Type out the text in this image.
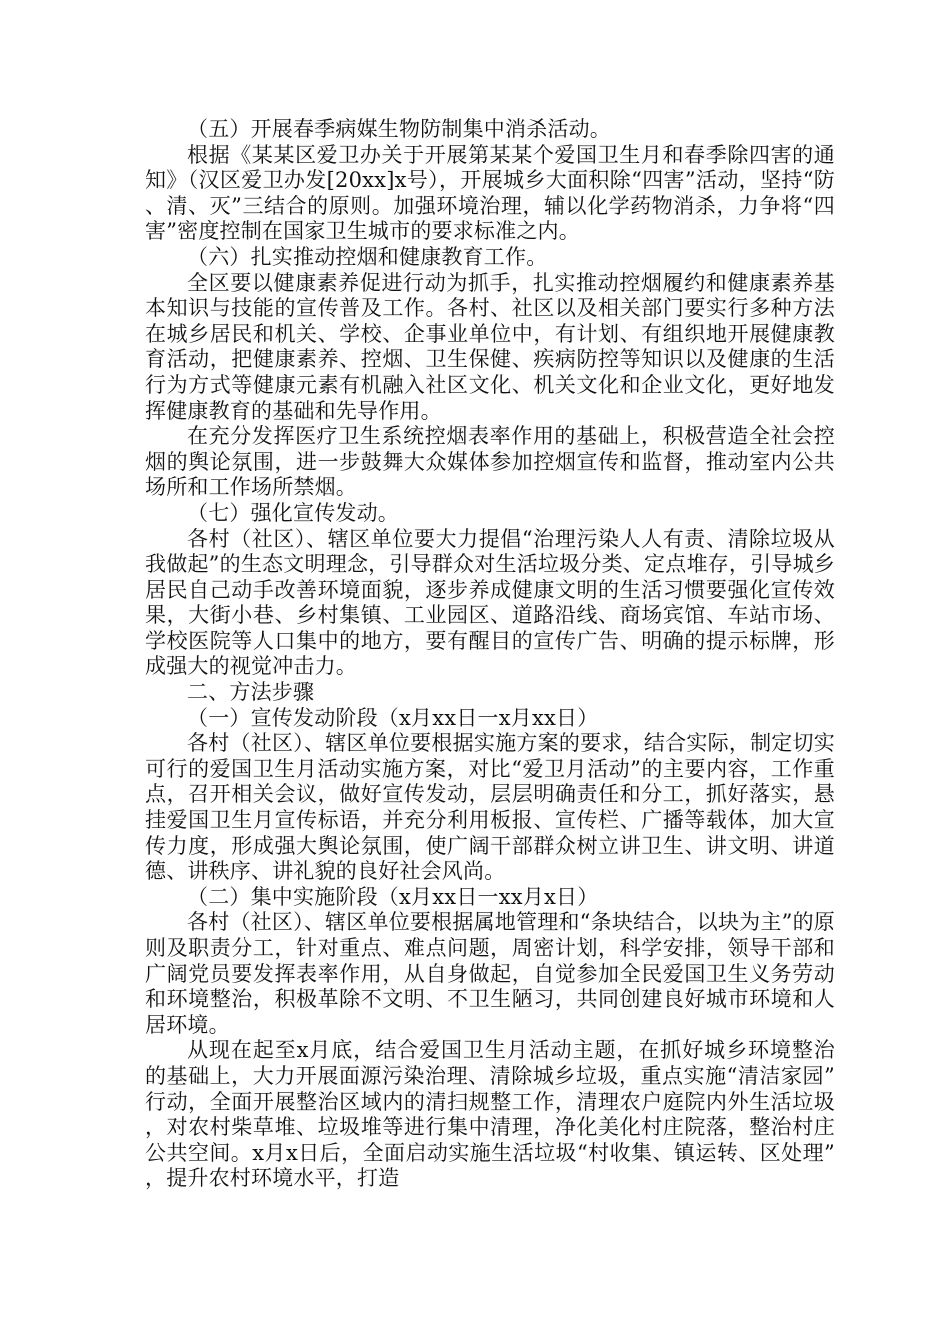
（五）开展春季病媒生物防制集中消杀活动。

根据《某某区爱卫办关于开展第某某个爱国卫生月和春季除四害的通知》（汉区爱卫办发[20xx]x号），开展城乡大面积除“四害”活动，坚持“防、清、灭”三结合的原则。加强环境治理，辅以化学药物消杀，力争将“四害”密度控制在国家卫生城市的要求标准之内。

（六）扎实推动控烟和健康教育工作。

全区要以健康素养促进行动为抓手，扎实推动控烟履约和健康素养基本知识与技能的宣传普及工作。各村、社区以及相关部门要实行多种方法在城乡居民和机关、学校、企事业单位中，有计划、有组织地开展健康教育活动，把健康素养、控烟、卫生保健、疾病防控等知识以及健康的生活行为方式等健康元素有机融入社区文化、机关文化和企业文化，更好地发挥健康教育的基础和先导作用。

在充分发挥医疗卫生系统控烟表率作用的基础上，积极营造全社会控烟的舆论氛围，进一步鼓舞大众媒体参加控烟宣传和监督，推动室内公共场所和工作场所禁烟。

（七）强化宣传发动。

各村（社区）、辖区单位要大力提倡“治理污染人人有责、清除垃圾从我做起”的生态文明理念，引导群众对生活垃圾分类、定点堆存，引导城乡居民自己动手改善环境面貌，逐步养成健康文明的生活习惯要强化宣传效果，大街小巷、乡村集镇、工业园区、道路沿线、商场宾馆、车站市场、学校医院等人口集中的地方，要有醒目的宣传广告、明确的提示标牌，形成强大的视觉冲击力。

二、方法步骤

（一）宣传发动阶段（x月xx日一x月xx日）

各村（社区）、辖区单位要根据实施方案的要求，结合实际，制定切实可行的爱国卫生月活动实施方案，对比“爱卫月活动”的主要内容，工作重点，召开相关会议，做好宣传发动，层层明确责任和分工，抓好落实，悬挂爱国卫生月宣传标语，并充分利用板报、宣传栏、广播等载体，加大宣传力度，形成强大舆论氛围，使广阔干部群众树立讲卫生、讲文明、讲道德、讲秩序、讲礼貌的良好社会风尚。

（二）集中实施阶段（x月xx日一xx月x日）

各村（社区）、辖区单位要根据属地管理和“条块结合，以块为主”的原则及职责分工，针对重点、难点问题，周密计划，科学安排，领导干部和广阔党员要发挥表率作用，从自身做起，自觉参加全民爱国卫生义务劳动和环境整治，积极革除不文明、不卫生陋习，共同创建良好城市环境和人居环境。

从现在起至x月底，结合爱国卫生月活动主题，在抓好城乡环境整治的基础上，大力开展面源污染治理、清除城乡垃圾，重点实施“清洁家园”行动，全面开展整治区域内的清扫规整工作，清理农户庭院内外生活垃圾，对农村柴草堆、垃圾堆等进行集中清理，净化美化村庄院落，整治村庄公共空间。x月x日后，全面启动实施生活垃圾“村收集、镇运转、区处理”，提升农村环境水平，打造
